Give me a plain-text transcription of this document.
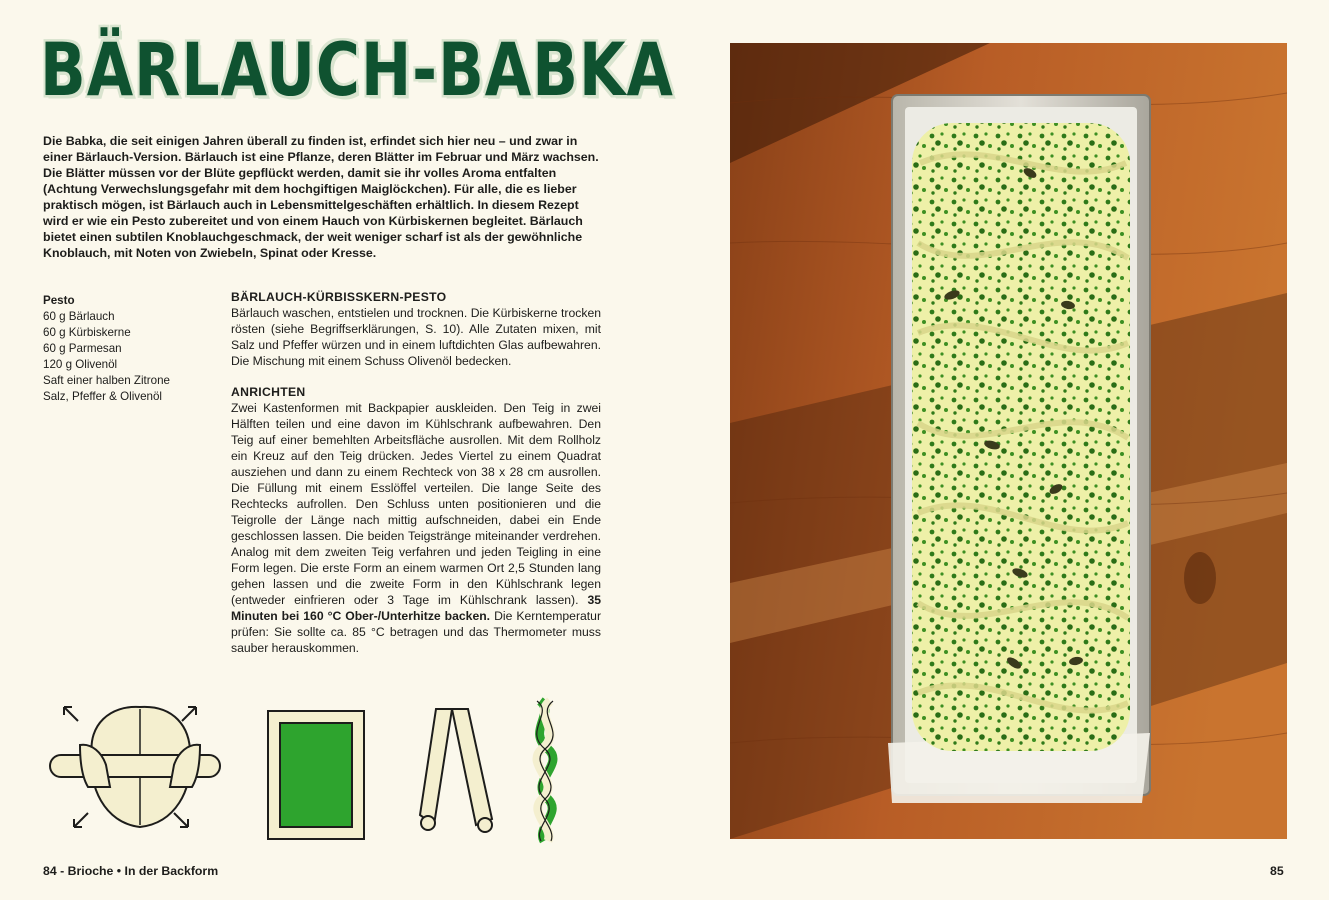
BÄRLAUCH-BABKA

Die Babka, die seit einigen Jahren überall zu finden ist, erfindet sich hier neu – und zwar in einer Bärlauch-Version. Bärlauch ist eine Pflanze, deren Blätter im Februar und März wachsen. Die Blätter müssen vor der Blüte gepflückt werden, damit sie ihr volles Aroma entfalten (Achtung Verwechslungsgefahr mit dem hochgiftigen Maiglöckchen). Für alle, die es lieber praktisch mögen, ist Bärlauch auch in Lebensmittelgeschäften erhältlich. In diesem Rezept wird er wie ein Pesto zubereitet und von einem Hauch von Kürbiskernen begleitet. Bärlauch bietet einen subtilen Knoblauchgeschmack, der weit weniger scharf ist als der gewöhnliche Knoblauch, mit Noten von Zwiebeln, Spinat oder Kresse.

Pesto
60 g Bärlauch
60 g Kürbiskerne
60 g Parmesan
120 g Olivenöl
Saft einer halben Zitrone
Salz, Pfeffer & Olivenöl
BÄRLAUCH-KÜRBISSKERN-PESTO

Bärlauch waschen, entstielen und trocknen. Die Kürbiskerne trocken rösten (siehe Begriffserklärungen, S. 10). Alle Zutaten mixen, mit Salz und Pfeffer würzen und in einem luftdichten Glas aufbewahren. Die Mischung mit einem Schuss Olivenöl bedecken.

ANRICHTEN

Zwei Kastenformen mit Backpapier auskleiden. Den Teig in zwei Hälften teilen und eine davon im Kühlschrank aufbewahren. Den Teig auf einer bemehlten Arbeitsfläche ausrollen. Mit dem Rollholz ein Kreuz auf den Teig drücken. Jedes Viertel zu einem Quadrat ausziehen und dann zu einem Rechteck von 38 x 28 cm ausrollen. Die Füllung mit einem Esslöffel verteilen. Die lange Seite des Rechtecks aufrollen. Den Schluss unten positionieren und die Teigrolle der Länge nach mittig aufschneiden, dabei ein Ende geschlossen lassen. Die beiden Teigstränge miteinander verdrehen. Analog mit dem zweiten Teig verfahren und jeden Teigling in eine Form legen. Die erste Form an einem warmen Ort 2,5 Stunden lang gehen lassen und die zweite Form in den Kühlschrank legen (entweder einfrieren oder 3 Tage im Kühlschrank lassen). 35 Minuten bei 160 °C Ober-/Unterhitze backen. Die Kerntemperatur prüfen: Sie sollte ca. 85 °C betragen und das Thermometer muss sauber herauskommen.

84 - Brioche • In der Backform	85
